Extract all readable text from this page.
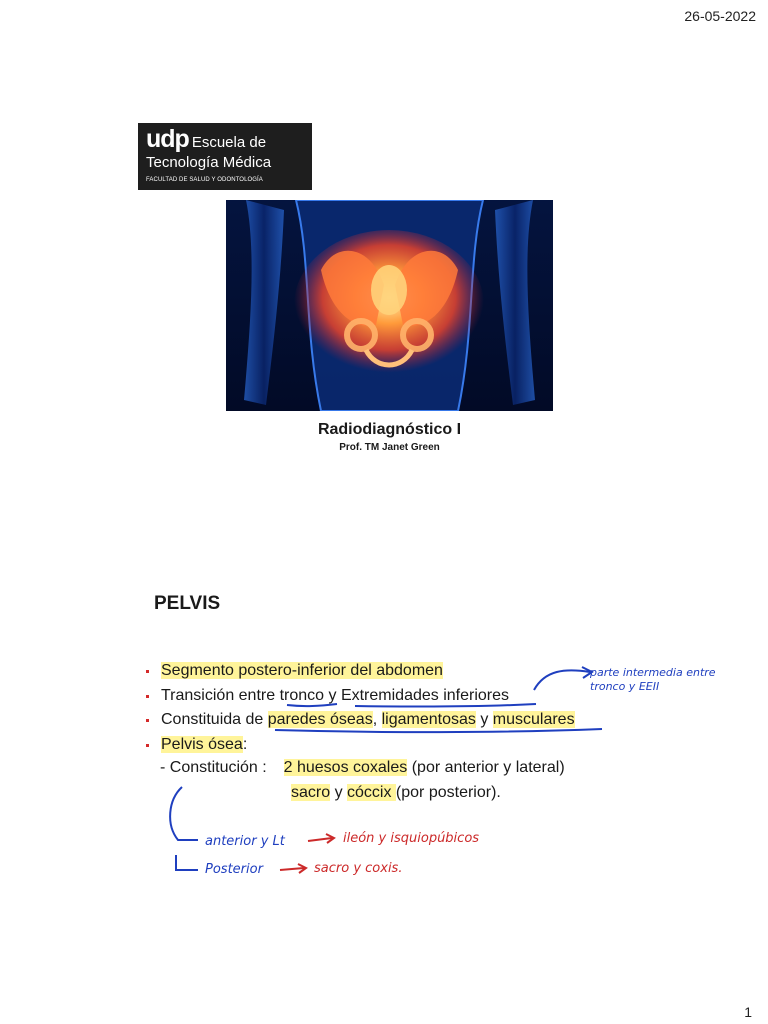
26-05-2022
udp Escuela de
Tecnología Médica
FACULTAD DE SALUD Y ODONTOLOGÍA
Radiodiagnóstico I
Prof. TM Janet Green
PELVIS
Segmento postero-inferior del abdomen
Transición entre tronco y Extremidades inferiores
Constituida de paredes óseas, ligamentosas y musculares
Pelvis ósea:
- Constitución : 2 huesos coxales (por anterior y lateral)
sacro y cóccix (por posterior).
parte intermedia entre
tronco y EEII
anterior y Lt	ileón y isquiopúbicos
Posterior	sacro y coxis.
1
